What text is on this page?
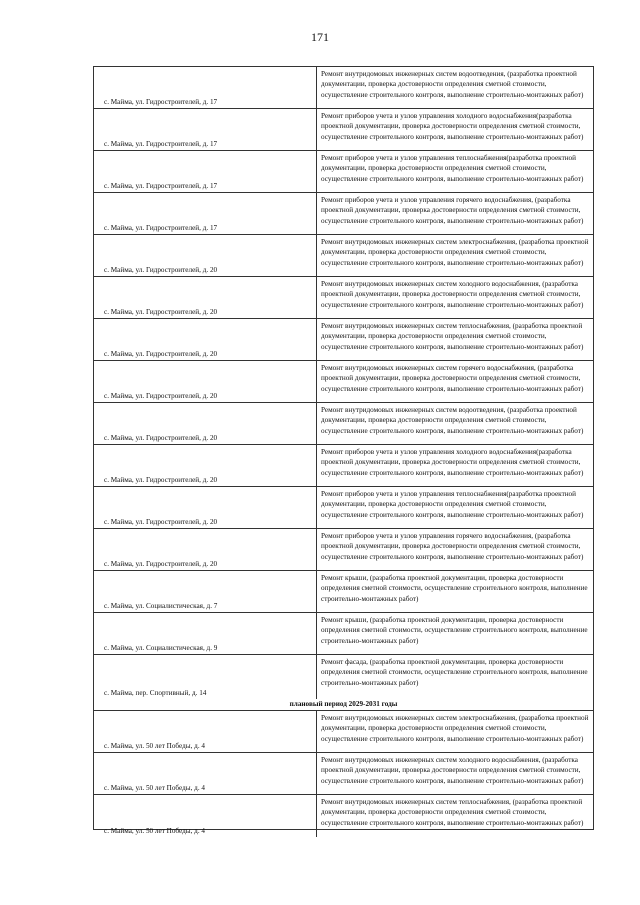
171
с. Майма, ул. Гидростроителей, д. 17
Ремонт внутридомовых инженерных систем водоотведения, (разработка проектной документации, проверка достоверности определения сметной стоимости, осуществление строительного контроля, выполнение строительно-монтажных работ)
с. Майма, ул. Гидростроителей, д. 17
Ремонт приборов учета и узлов управления холодного водоснабжения(разработка проектной документации, проверка достоверности определения сметной стоимости, осуществление строительного контроля, выполнение строительно-монтажных работ)
с. Майма, ул. Гидростроителей, д. 17
Ремонт приборов учета и узлов управления теплоснабжения(разработка проектной документации, проверка достоверности определения сметной стоимости, осуществление строительного контроля, выполнение строительно-монтажных работ)
с. Майма, ул. Гидростроителей, д. 17
Ремонт приборов учета и узлов управления горячего водоснабжения, (разработка проектной документации, проверка достоверности определения сметной стоимости, осуществление строительного контроля, выполнение строительно-монтажных работ)
с. Майма, ул. Гидростроителей, д. 20
Ремонт внутридомовых инженерных систем электроснабжения, (разработка проектной документации, проверка достоверности определения сметной стоимости, осуществление строительного контроля, выполнение строительно-монтажных работ)
с. Майма, ул. Гидростроителей, д. 20
Ремонт внутридомовых инженерных систем холодного водоснабжения, (разработка проектной документации, проверка достоверности определения сметной стоимости, осуществление строительного контроля, выполнение строительно-монтажных работ)
с. Майма, ул. Гидростроителей, д. 20
Ремонт внутридомовых инженерных систем теплоснабжения, (разработка проектной документации, проверка достоверности определения сметной стоимости, осуществление строительного контроля, выполнение строительно-монтажных работ)
с. Майма, ул. Гидростроителей, д. 20
Ремонт внутридомовых инженерных систем горячего водоснабжения, (разработка проектной документации, проверка достоверности определения сметной стоимости, осуществление строительного контроля, выполнение строительно-монтажных работ)
с. Майма, ул. Гидростроителей, д. 20
Ремонт внутридомовых инженерных систем водоотведения, (разработка проектной документации, проверка достоверности определения сметной стоимости, осуществление строительного контроля, выполнение строительно-монтажных работ)
с. Майма, ул. Гидростроителей, д. 20
Ремонт приборов учета и узлов управления холодного водоснабжения(разработка проектной документации, проверка достоверности определения сметной стоимости, осуществление строительного контроля, выполнение строительно-монтажных работ)
с. Майма, ул. Гидростроителей, д. 20
Ремонт приборов учета и узлов управления теплоснабжения(разработка проектной документации, проверка достоверности определения сметной стоимости, осуществление строительного контроля, выполнение строительно-монтажных работ)
с. Майма, ул. Гидростроителей, д. 20
Ремонт приборов учета и узлов управления горячего водоснабжения, (разработка проектной документации, проверка достоверности определения сметной стоимости, осуществление строительного контроля, выполнение строительно-монтажных работ)
с. Майма, ул. Социалистическая, д. 7
Ремонт крыши, (разработка проектной документации, проверка достоверности определения сметной стоимости, осуществление строительного контроля, выполнение строительно-монтажных работ)
с. Майма, ул. Социалистическая, д. 9
Ремонт крыши, (разработка проектной документации, проверка достоверности определения сметной стоимости, осуществление строительного контроля, выполнение строительно-монтажных работ)
с. Майма, пер. Спортивный, д. 14
Ремонт фасада, (разработка проектной документации, проверка достоверности определения сметной стоимости, осуществление строительного контроля, выполнение строительно-монтажных работ)
плановый период 2029-2031 годы
с. Майма, ул. 50 лет Победы, д. 4
Ремонт внутридомовых инженерных систем электроснабжения, (разработка проектной документации, проверка достоверности определения сметной стоимости, осуществление строительного контроля, выполнение строительно-монтажных работ)
с. Майма, ул. 50 лет Победы, д. 4
Ремонт внутридомовых инженерных систем холодного водоснабжения, (разработка проектной документации, проверка достоверности определения сметной стоимости, осуществление строительного контроля, выполнение строительно-монтажных работ)
с. Майма, ул. 50 лет Победы, д. 4
Ремонт внутридомовых инженерных систем теплоснабжения, (разработка проектной документации, проверка достоверности определения сметной стоимости, осуществление строительного контроля, выполнение строительно-монтажных работ)
